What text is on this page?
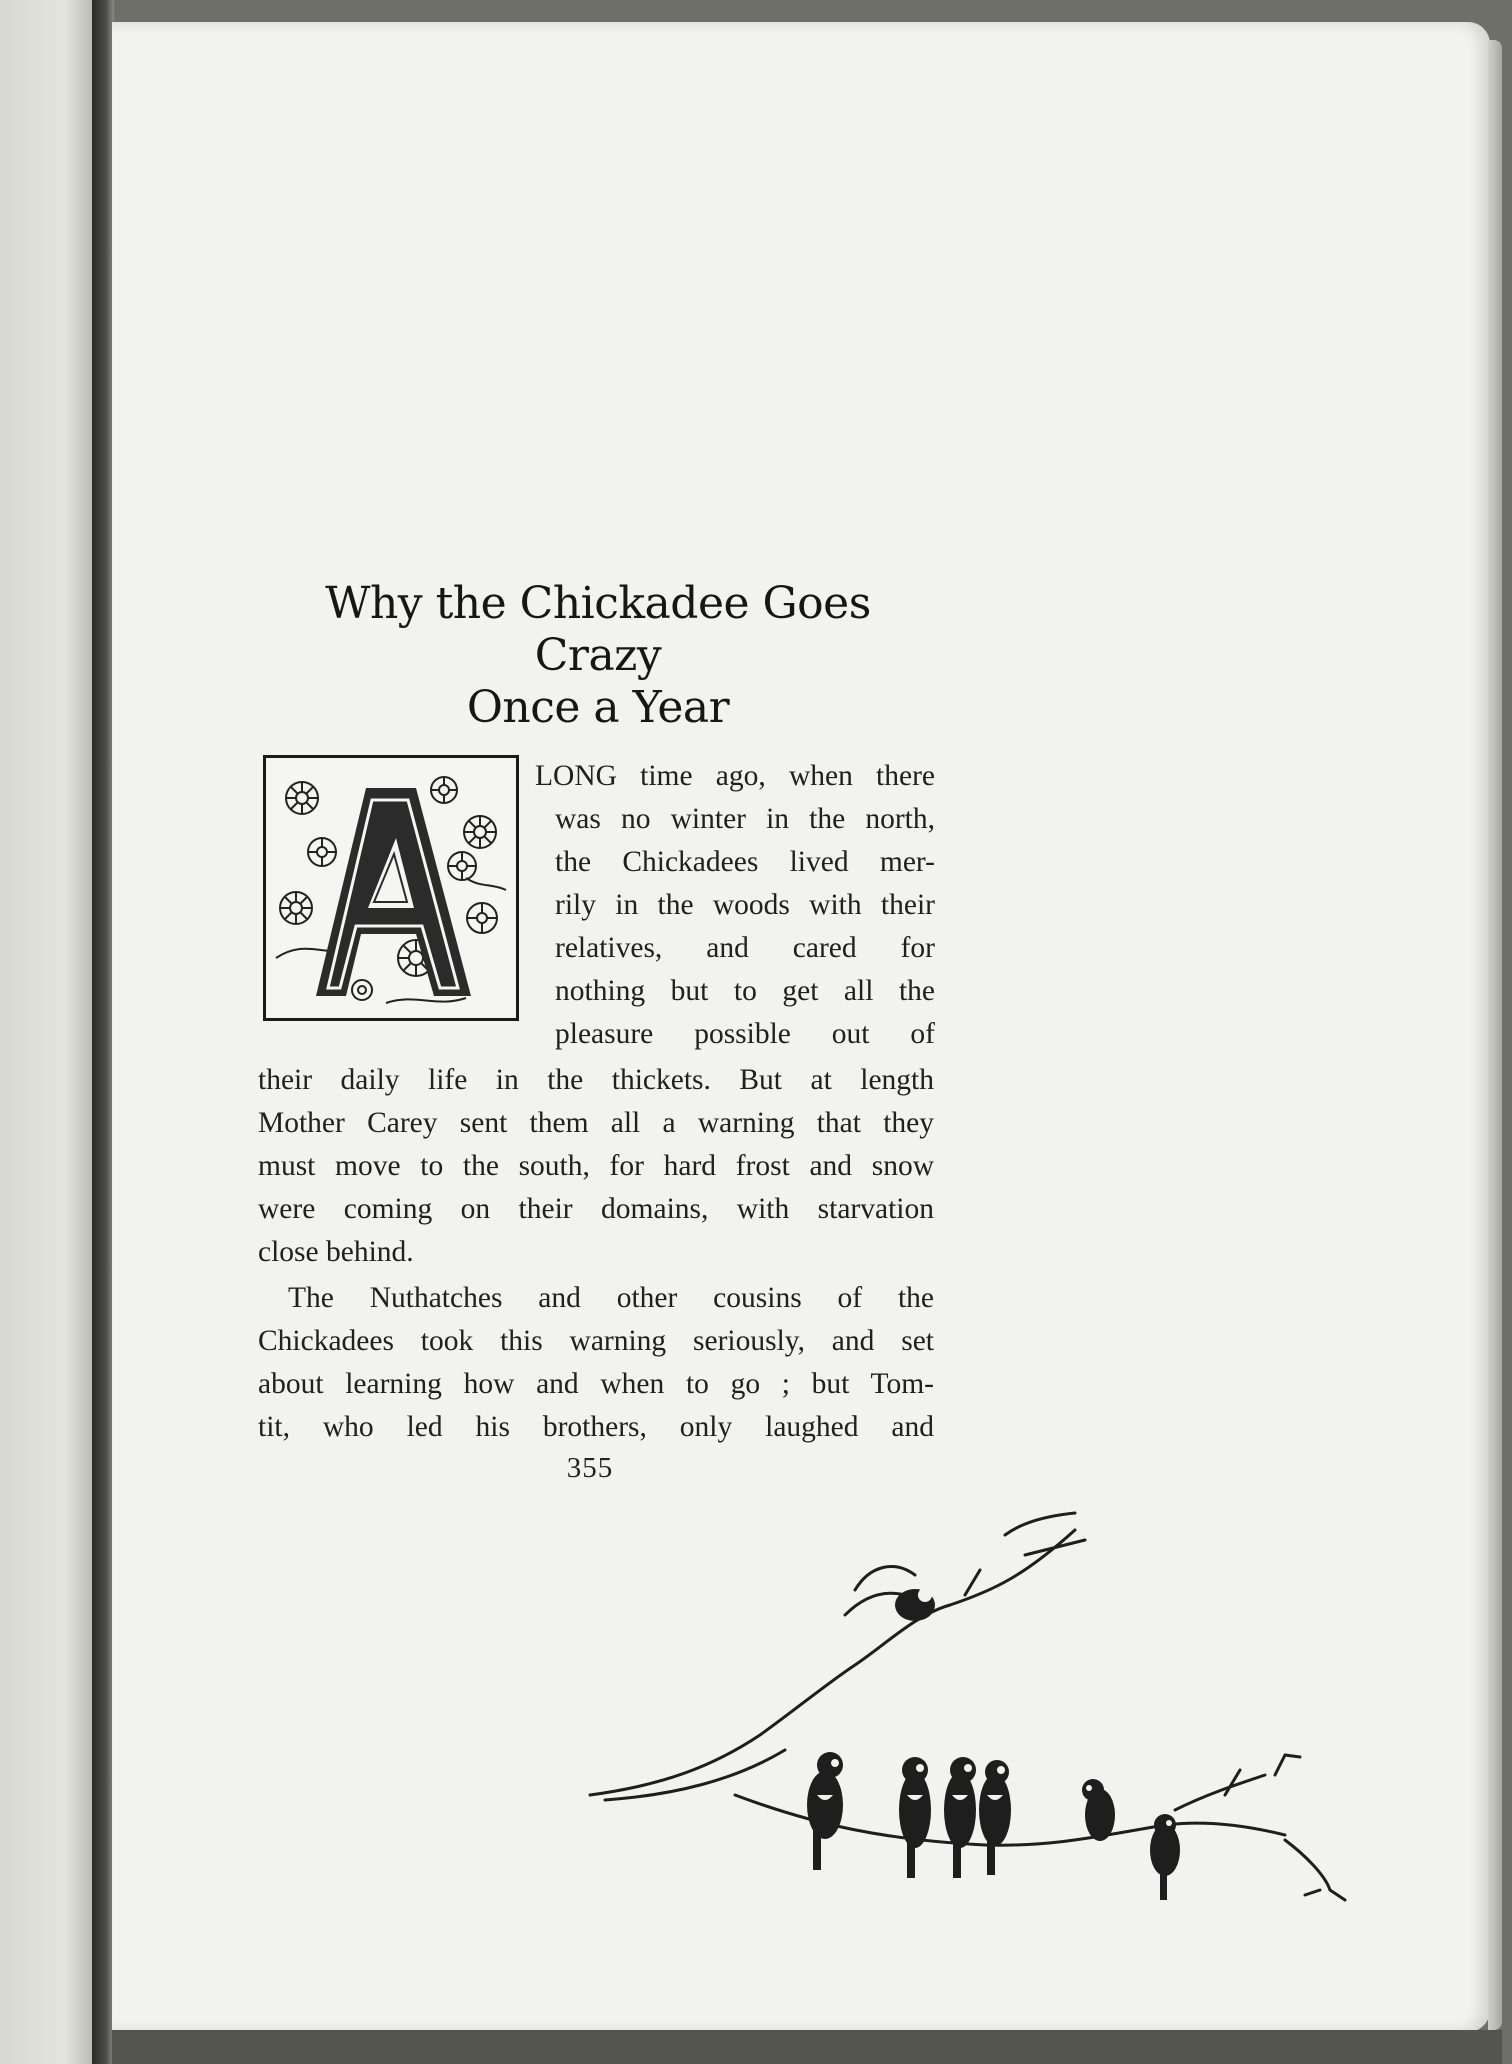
Why the Chickadee Goes Crazy
Once a Year
LONG time ago, when there
was no winter in the north,
the Chickadees lived mer-
rily in the woods with their
relatives, and cared for
nothing but to get all the
pleasure possible out of
their daily life in the thickets. But at length
Mother Carey sent them all a warning that they
must move to the south, for hard frost and snow
were coming on their domains, with starvation
close behind.
The Nuthatches and other cousins of the
Chickadees took this warning seriously, and set
about learning how and when to go ; but Tom-
tit, who led his brothers, only laughed and
355
